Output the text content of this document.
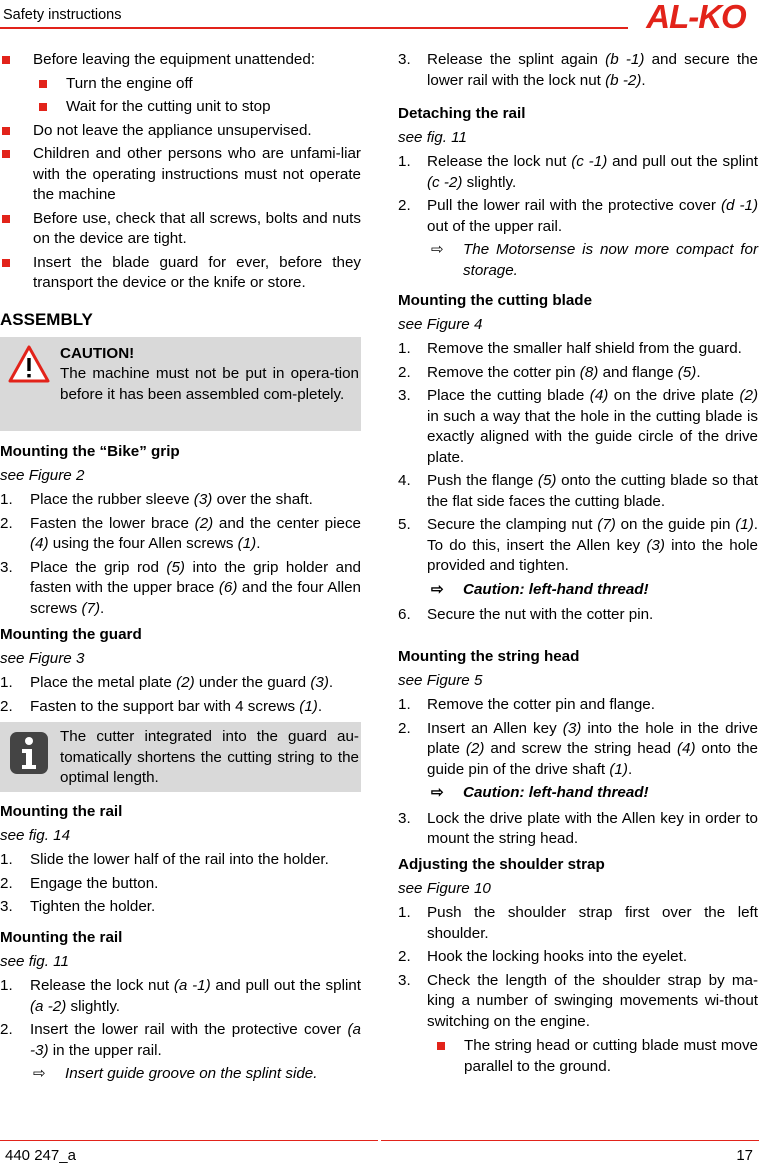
Safety instructions	AL-KO
Before leaving the equipment unattended:
Turn the engine off
Wait for the cutting unit to stop
Do not leave the appliance unsupervised.
Children and other persons who are unfami-liar with the operating instructions must not operate the machine
Before use, check that all screws, bolts and nuts on the device are tight.
Insert the blade guard for ever, before they transport the device or the knife or store.
ASSEMBLY
CAUTION!
The machine must not be put in opera-tion before it has been assembled com-pletely.
Mounting the “Bike” grip
see Figure 2
1. Place the rubber sleeve (3) over the shaft.
2. Fasten the lower brace (2) and the center piece (4) using the four Allen screws (1).
3. Place the grip rod (5) into the grip holder and fasten with the upper brace (6) and the four Allen screws (7).
Mounting the guard
see Figure 3
1. Place the metal plate (2) under the guard (3).
2. Fasten to the support bar with 4 screws (1).
The cutter integrated into the guard au-tomatically shortens the cutting string to the optimal length.
Mounting the rail
see fig. 14
1. Slide the lower half of the rail into the holder.
2. Engage the button.
3. Tighten the holder.
Mounting the rail
see fig. 11
1. Release the lock nut (a -1) and pull out the splint (a -2) slightly.
2. Insert the lower rail with the protective cover (a -3) in the upper rail.
⇨ Insert guide groove on the splint side.
3. Release the splint again (b -1) and secure the lower rail with the lock nut (b -2).
Detaching the rail
see fig. 11
1. Release the lock nut (c -1) and pull out the splint (c -2) slightly.
2. Pull the lower rail with the protective cover (d -1) out of the upper rail.
⇨ The Motorsense is now more compact for storage.
Mounting the cutting blade
see Figure 4
1. Remove the smaller half shield from the guard.
2. Remove the cotter pin (8) and flange (5).
3. Place the cutting blade (4) on the drive plate (2) in such a way that the hole in the cutting blade is exactly aligned with the guide circle of the drive plate.
4. Push the flange (5) onto the cutting blade so that the flat side faces the cutting blade.
5. Secure the clamping nut (7) on the guide pin (1). To do this, insert the Allen key (3) into the hole provided and tighten.
⇨ Caution: left-hand thread!
6. Secure the nut with the cotter pin.
Mounting the string head
see Figure 5
1. Remove the cotter pin and flange.
2. Insert an Allen key (3) into the hole in the drive plate (2) and screw the string head (4) onto the guide pin of the drive shaft (1).
⇨ Caution: left-hand thread!
3. Lock the drive plate with the Allen key in order to mount the string head.
Adjusting the shoulder strap
see Figure 10
1. Push the shoulder strap first over the left shoulder.
2. Hook the locking hooks into the eyelet.
3. Check the length of the shoulder strap by ma-king a number of swinging movements wi-thout switching on the engine.
The string head or cutting blade must move parallel to the ground.
440 247_a	17
